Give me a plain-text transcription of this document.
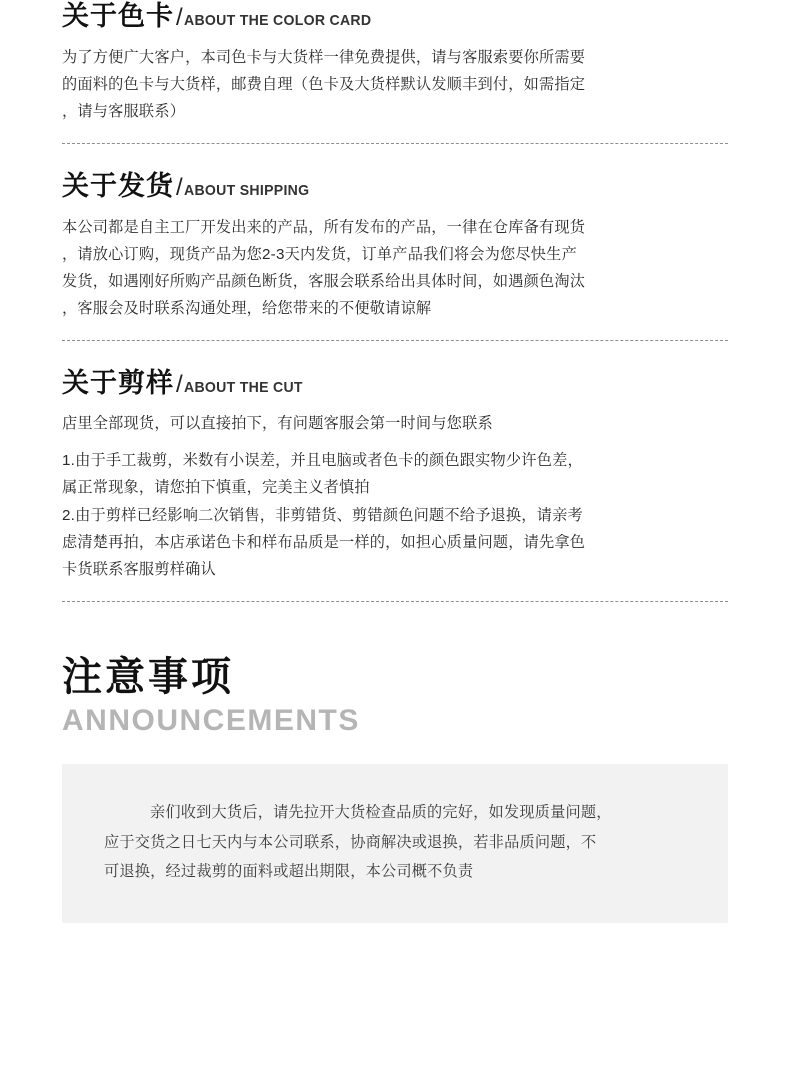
关于色卡 / ABOUT THE COLOR CARD

为了方便广大客户，本司色卡与大货样一律免费提供，请与客服索要你所需要
的面料的色卡与大货样，邮费自理（色卡及大货样默认发顺丰到付，如需指定
，请与客服联系）

关于发货 / ABOUT SHIPPING

本公司都是自主工厂开发出来的产品，所有发布的产品，一律在仓库备有现货
，请放心订购，现货产品为您2-3天内发货，订单产品我们将会为您尽快生产
发货，如遇刚好所购产品颜色断货，客服会联系给出具体时间，如遇颜色淘汰
，客服会及时联系沟通处理，给您带来的不便敬请谅解

关于剪样 / ABOUT THE CUT

店里全部现货，可以直接拍下，有问题客服会第一时间与您联系

1.由于手工裁剪，米数有小误差，并且电脑或者色卡的颜色跟实物少许色差，
属正常现象，请您拍下慎重，完美主义者慎拍
2.由于剪样已经影响二次销售，非剪错货、剪错颜色问题不给予退换，请亲考
虑清楚再拍，本店承诺色卡和样布品质是一样的，如担心质量问题，请先拿色
卡货联系客服剪样确认

注意事项
ANNOUNCEMENTS

亲们收到大货后，请先拉开大货检查品质的完好，如发现质量问题，
应于交货之日七天内与本公司联系，协商解决或退换，若非品质问题，不
可退换，经过裁剪的面料或超出期限，本公司概不负责
